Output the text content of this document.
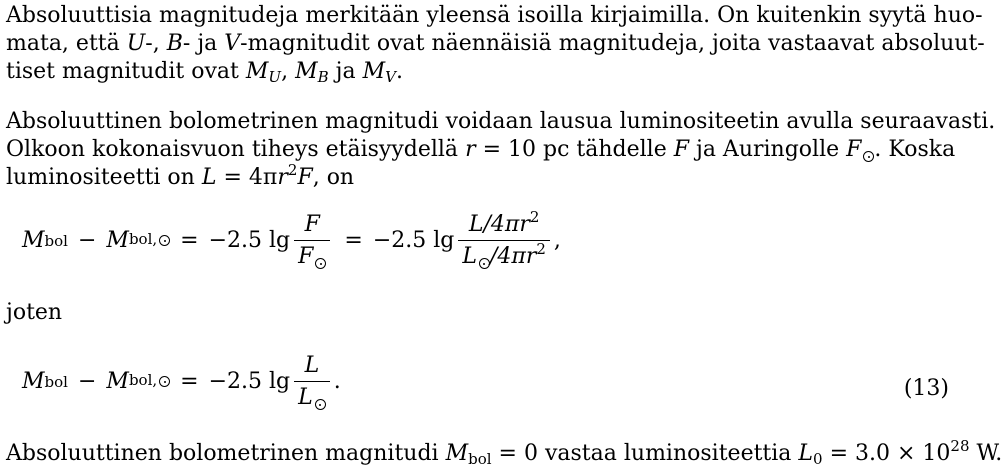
Absoluuttisia magnitudeja merkitään yleensä isoilla kirjaimilla. On kuitenkin syytä huo-
mata, että U-, B- ja V-magnitudit ovat näennäisiä magnitudeja, joita vastaavat absoluut-
tiset magnitudit ovat $M_U$, $M_B$ ja $M_V$.
Absoluuttinen bolometrinen magnitudi voidaan lausua luminositeetin avulla seuraavasti.
Olkoon kokonaisvuon tiheys etäisyydellä r = 10 pc tähdelle F ja Auringolle F . Koska
luminositeetti on $L = 4\pi r^2F$, on
M bol − M bol,	= −2.5 $\lg \frac{F}{F} = -2.5$ $\lg \frac{L/4\pi r^2}{L /4\pi r^2}$ ,
joten
M bol − M bol,	= −2.5 $\lg \frac{L}{L}$ .	(13)
Absoluuttinen bolometrinen magnitudi $M_{bol} = 0$ vastaa luminositeettia $L_0 = 3.0 \times 10^{28}$ W.
